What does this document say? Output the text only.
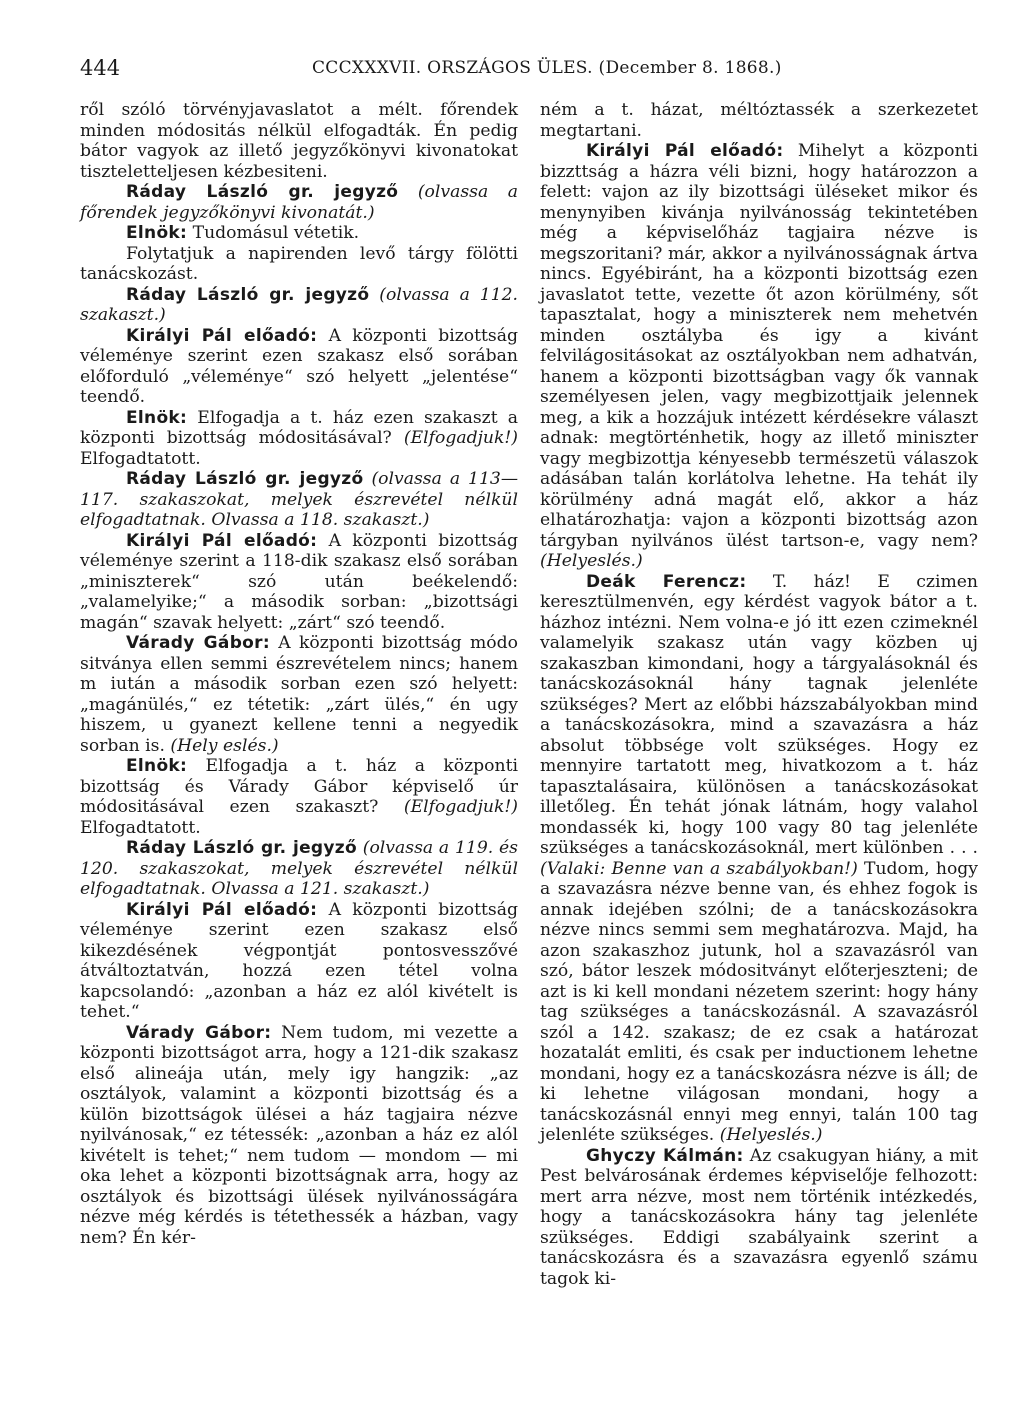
444	CCCXXXVII. ORSZÁGOS ÜLES. (December 8. 1868.)

ről szóló törvényjavaslatot a mélt. főrendek minden módositás nélkül elfogadták. Én pedig bátor vagyok az illető jegyzőkönyvi kivonatokat tiszteletteljesen kézbesiteni.

Ráday László gr. jegyző (olvassa a főrendek jegyzőkönyvi kivonatát.)

Elnök: Tudomásul vétetik.

Folytatjuk a napirenden levő tárgy fölötti tanácskozást.

Ráday László gr. jegyző (olvassa a 112. szakaszt.)

Királyi Pál előadó: A központi bizottság véleménye szerint ezen szakasz első sorában előforduló „véleménye“ szó helyett „jelentése“ teendő.

Elnök: Elfogadja a t. ház ezen szakaszt a központi bizottság módositásával? (Elfogadjuk!) Elfogadtatott.

Ráday László gr. jegyző (olvassa a 113—117. szakaszokat, melyek észrevétel nélkül elfogadtatnak. Olvassa a 118. szakaszt.)

Királyi Pál előadó: A központi bizottság véleménye szerint a 118-dik szakasz első sorában „miniszterek“ szó után beékelendő: „valamelyike;“ a második sorban: „bizottsági magán“ szavak helyett: „zárt“ szó teendő.

Várady Gábor: A központi bizottság módo sitványa ellen semmi észrevételem nincs; hanem m iután a második sorban ezen szó helyett: „magánülés,“ ez tétetik: „zárt ülés,“ én ugy hiszem, u gyanezt kellene tenni a negyedik sorban is. (Hely eslés.)

Elnök: Elfogadja a t. ház a központi bizottság és Várady Gábor képviselő úr módositásával ezen szakaszt? (Elfogadjuk!) Elfogadtatott.

Ráday László gr. jegyző (olvassa a 119. és 120. szakaszokat, melyek észrevétel nélkül elfogadtatnak. Olvassa a 121. szakaszt.)

Királyi Pál előadó: A központi bizottság véleménye szerint ezen szakasz első kikezdésének végpontját pontosvesszővé átváltoztatván, hozzá ezen tétel volna kapcsolandó: „azonban a ház ez alól kivételt is tehet.“

Várady Gábor: Nem tudom, mi vezette a központi bizottságot arra, hogy a 121-dik szakasz első alineája után, mely igy hangzik: „az osztályok, valamint a központi bizottság és a külön bizottságok ülései a ház tagjaira nézve nyilvánosak,“ ez tétessék: „azonban a ház ez alól kivételt is tehet;“ nem tudom — mondom — mi oka lehet a központi bizottságnak arra, hogy az osztályok és bizottsági ülések nyilvánosságára nézve még kérdés is tétethessék a házban, vagy nem? Én kér-

ném a t. házat, méltóztassék a szerkezetet megtartani.

Királyi Pál előadó: Mihelyt a központi bizzttság a házra véli bizni, hogy határozzon a felett: vajon az ily bizottsági üléseket mikor és menynyiben kivánja nyilvánosság tekintetében még a képviselőház tagjaira nézve is megszoritani? már, akkor a nyilvánosságnak ártva nincs. Egyébiránt, ha a központi bizottság ezen javaslatot tette, vezette őt azon körülmény, sőt tapasztalat, hogy a miniszterek nem mehetvén minden osztályba és igy a kivánt felvilágositásokat az osztályokban nem adhatván, hanem a központi bizottságban vagy ők vannak személyesen jelen, vagy megbizottjaik jelennek meg, a kik a hozzájuk intézett kérdésekre választ adnak: megtörténhetik, hogy az illető miniszter vagy megbizottja kényesebb természetü válaszok adásában talán korlátolva lehetne. Ha tehát ily körülmény adná magát elő, akkor a ház elhatározhatja: vajon a központi bizottság azon tárgyban nyilvános ülést tartson-e, vagy nem? (Helyeslés.)

Deák Ferencz: T. ház! E czimen keresztülmenvén, egy kérdést vagyok bátor a t. házhoz intézni. Nem volna-e jó itt ezen czimeknél valamelyik szakasz után vagy közben uj szakaszban kimondani, hogy a tárgyalásoknál és tanácskozásoknál hány tagnak jelenléte szükséges? Mert az előbbi házszabályokban mind a tanácskozásokra, mind a szavazásra a ház absolut többsége volt szükséges. Hogy ez mennyire tartatott meg, hivatkozom a t. ház tapasztalásaira, különösen a tanácskozásokat illetőleg. Én tehát jónak látnám, hogy valahol mondassék ki, hogy 100 vagy 80 tag jelenléte szükséges a tanácskozásoknál, mert különben . . . (Valaki: Benne van a szabályokban!) Tudom, hogy a szavazásra nézve benne van, és ehhez fogok is annak idejében szólni; de a tanácskozásokra nézve nincs semmi sem meghatározva. Majd, ha azon szakaszhoz jutunk, hol a szavazásról van szó, bátor leszek módositványt előterjeszteni; de azt is ki kell mondani nézetem szerint: hogy hány tag szükséges a tanácskozásnál. A szavazásról szól a 142. szakasz; de ez csak a határozat hozatalát emliti, és csak per inductionem lehetne mondani, hogy ez a tanácskozásra nézve is áll; de ki lehetne világosan mondani, hogy a tanácskozásnál ennyi meg ennyi, talán 100 tag jelenléte szükséges. (Helyeslés.)

Ghyczy Kálmán: Az csakugyan hiány, a mit Pest belvárosának érdemes képviselője felhozott: mert arra nézve, most nem történik intézkedés, hogy a tanácskozásokra hány tag jelenléte szükséges. Eddigi szabályaink szerint a tanácskozásra és a szavazásra egyenlő számu tagok ki-
